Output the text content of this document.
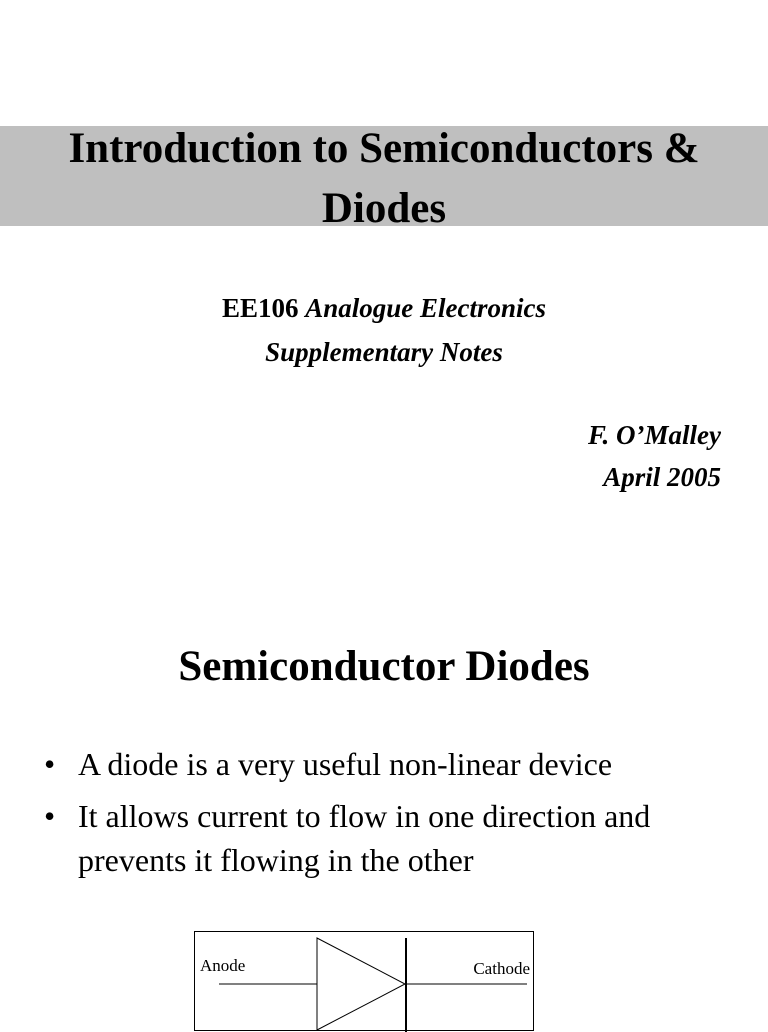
Introduction to Semiconductors &
Diodes
EE106 Analogue Electronics
Supplementary Notes
F. O’Malley
April 2005
Semiconductor Diodes
• A diode is a very useful non-linear device
• It allows current to flow in one direction and prevents it flowing in the other
Anode	Cathode
